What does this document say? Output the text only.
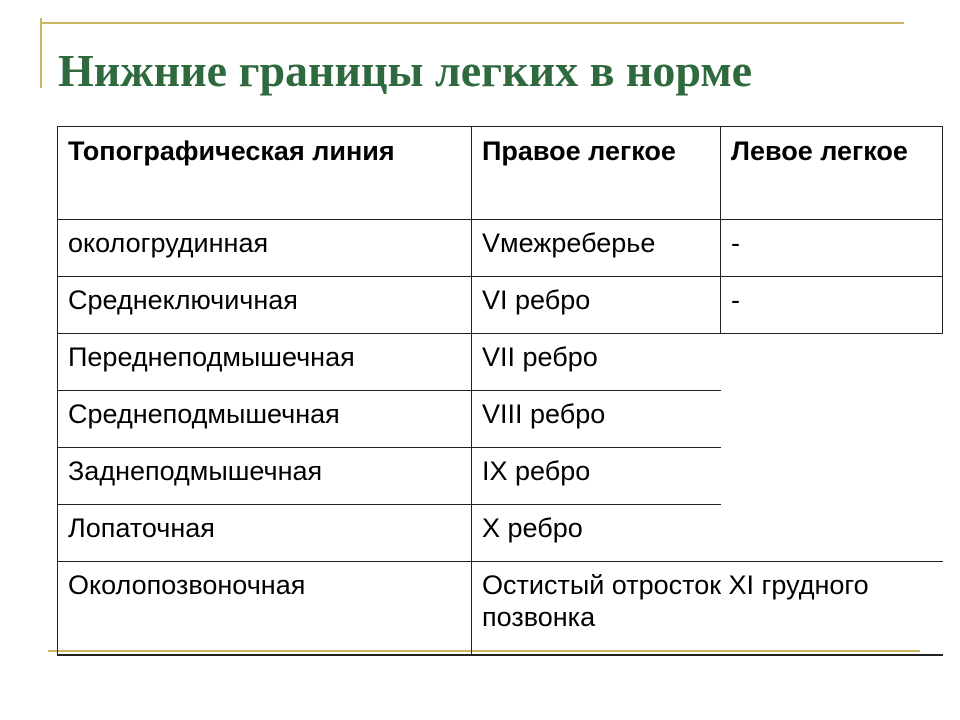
Нижние границы легких в норме
Топографическая линия	Правое легкое	Левое легкое
окологрудинная	Vмежреберье	-
Среднеключичная	VI ребро	-
Переднеподмышечная	VII ребро	
Среднеподмышечная	VIII ребро	
Заднеподмышечная	IX ребро	
Лопаточная	X ребро	
Околопозвоночная	Остистый отросток XI грудного позвонка	
